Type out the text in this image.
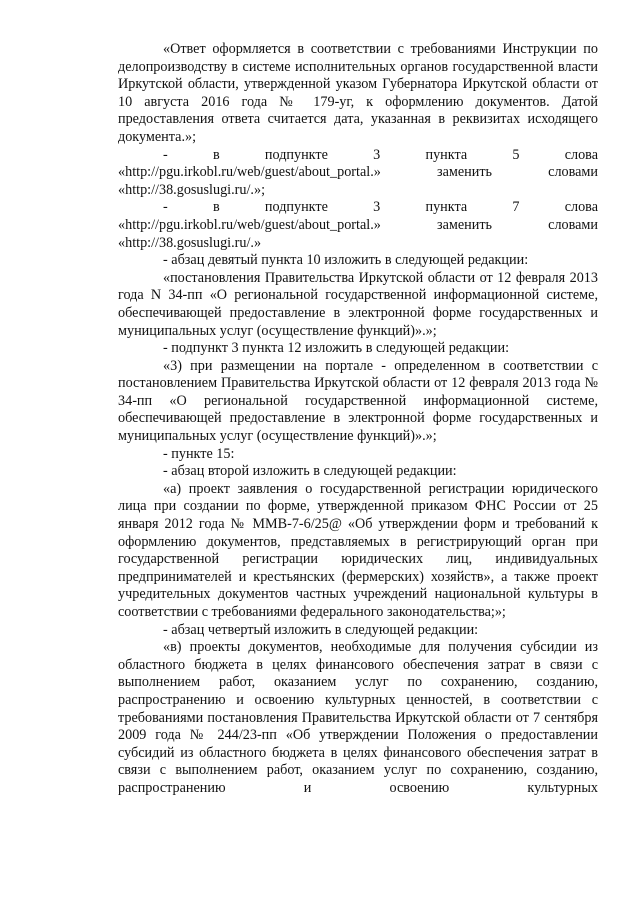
«Ответ оформляется в соответствии с требованиями Инструкции по делопроизводству в системе исполнительных органов государственной власти Иркутской области, утвержденной указом Губернатора Иркутской области от 10 августа 2016 года № 179-уг, к оформлению документов. Датой предоставления ответа считается дата, указанная в реквизитах исходящего документа.»;

- в подпункте 3 пункта 5 слова «http://pgu.irkobl.ru/web/guest/about_portal.» заменить словами «http://38.gosuslugi.ru/.»;

- в подпункте 3 пункта 7 слова «http://pgu.irkobl.ru/web/guest/about_portal.» заменить словами «http://38.gosuslugi.ru/.»

- абзац девятый пункта 10 изложить в следующей редакции:

«постановления Правительства Иркутской области от 12 февраля 2013 года N 34-пп «О региональной государственной информационной системе, обеспечивающей предоставление в электронной форме государственных и муниципальных услуг (осуществление функций)».»;

- подпункт 3 пункта 12 изложить в следующей редакции:

«3) при размещении на портале - определенном в соответствии с постановлением Правительства Иркутской области от 12 февраля 2013 года № 34-пп «О региональной государственной информационной системе, обеспечивающей предоставление в электронной форме государственных и муниципальных услуг (осуществление функций)».»;

- пункте 15:

- абзац второй изложить в следующей редакции:

«а) проект заявления о государственной регистрации юридического лица при создании по форме, утвержденной приказом ФНС России от 25 января 2012 года № ММВ-7-6/25@ «Об утверждении форм и требований к оформлению документов, представляемых в регистрирующий орган при государственной регистрации юридических лиц, индивидуальных предпринимателей и крестьянских (фермерских) хозяйств», а также проект учредительных документов частных учреждений национальной культуры в соответствии с требованиями федерального законодательства;»;

- абзац четвертый изложить в следующей редакции:

«в) проекты документов, необходимые для получения субсидии из областного бюджета в целях финансового обеспечения затрат в связи с выполнением работ, оказанием услуг по сохранению, созданию, распространению и освоению культурных ценностей, в соответствии с требованиями постановления Правительства Иркутской области от 7 сентября 2009 года № 244/23-пп «Об утверждении Положения о предоставлении субсидий из областного бюджета в целях финансового обеспечения затрат в связи с выполнением работ, оказанием услуг по сохранению, созданию, распространению и освоению культурных
